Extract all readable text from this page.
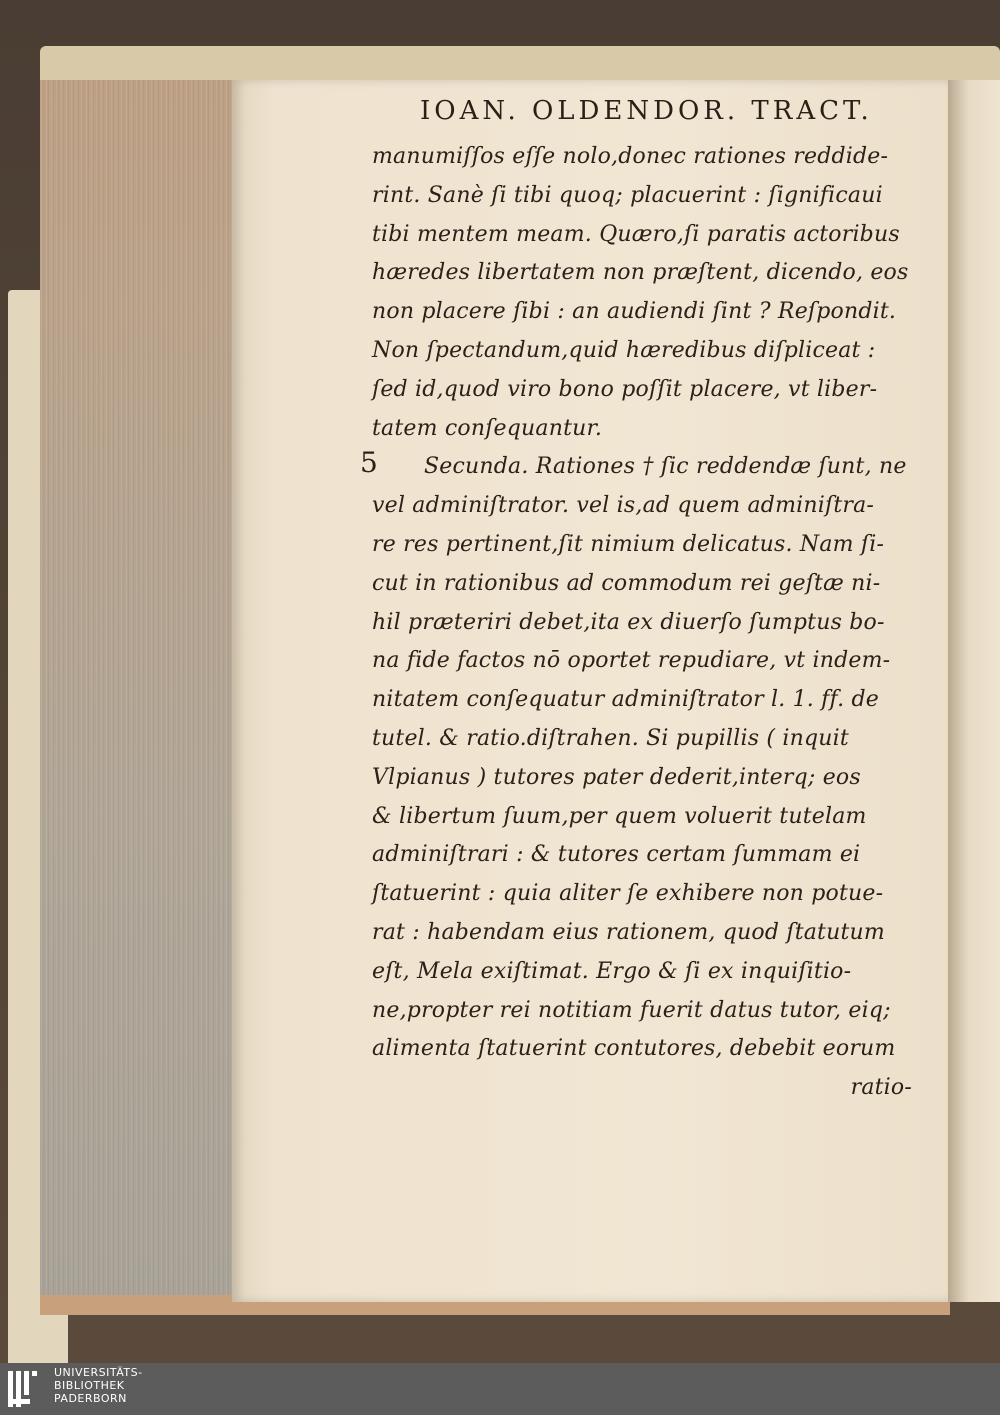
IOAN. OLDENDOR. TRACT.
5
manumiſſos eſſe nolo,donec rationes reddide-
rint. Sanè ſi tibi quoq; placuerint : ſignificaui
tibi mentem meam. Quæro,ſi paratis actoribus
hæredes libertatem non præſtent, dicendo, eos
non placere ſibi : an audiendi ſint ? Reſpondit.
Non ſpectandum,quid hæredibus diſpliceat :
ſed id,quod viro bono poſſit placere, vt liber-
tatem conſequantur.
Secunda. Rationes † ſic reddendæ ſunt, ne
vel adminiſtrator. vel is,ad quem adminiſtra-
re res pertinent,ſit nimium delicatus. Nam ſi-
cut in rationibus ad commodum rei geſtæ ni-
hil præteriri debet,ita ex diuerſo ſumptus bo-
na fide factos nō oportet repudiare, vt indem-
nitatem conſequatur adminiſtrator l. 1. ff. de
tutel. & ratio.diſtrahen. Si pupillis ( inquit
Vlpianus ) tutores pater dederit,interq; eos
& libertum ſuum,per quem voluerit tutelam
adminiſtrari : & tutores certam ſummam ei
ſtatuerint : quia aliter ſe exhibere non potue-
rat : habendam eius rationem, quod ſtatutum
eſt, Mela exiſtimat. Ergo & ſi ex inquiſitio-
ne,propter rei notitiam fuerit datus tutor, eiq;
alimenta ſtatuerint contutores, debebit eorum
ratio-
UNIVERSITÄTS-
BIBLIOTHEK
PADERBORN
